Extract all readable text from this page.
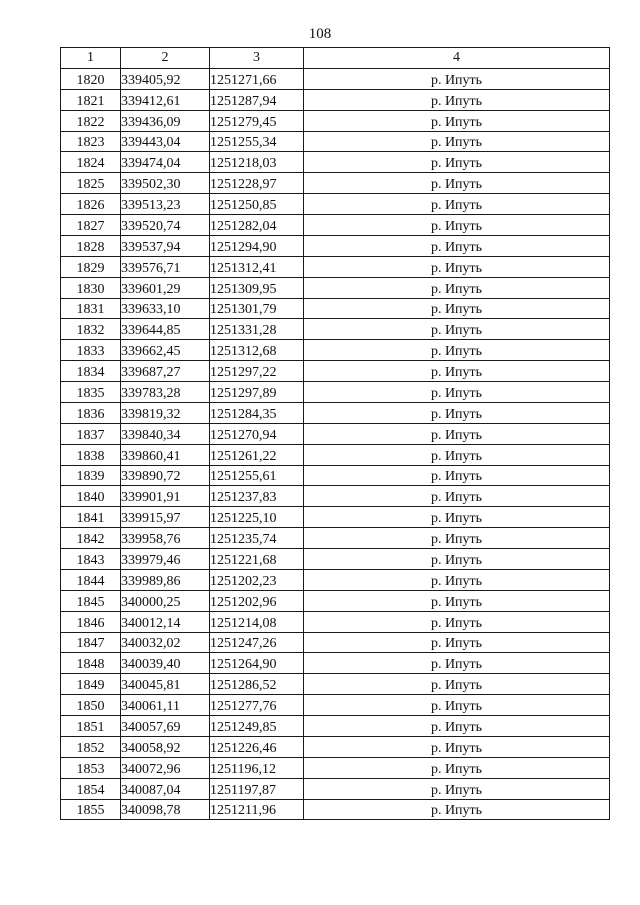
108
1	2	3	4
1820	339405,92	1251271,66	р. Ипуть
1821	339412,61	1251287,94	р. Ипуть
1822	339436,09	1251279,45	р. Ипуть
1823	339443,04	1251255,34	р. Ипуть
1824	339474,04	1251218,03	р. Ипуть
1825	339502,30	1251228,97	р. Ипуть
1826	339513,23	1251250,85	р. Ипуть
1827	339520,74	1251282,04	р. Ипуть
1828	339537,94	1251294,90	р. Ипуть
1829	339576,71	1251312,41	р. Ипуть
1830	339601,29	1251309,95	р. Ипуть
1831	339633,10	1251301,79	р. Ипуть
1832	339644,85	1251331,28	р. Ипуть
1833	339662,45	1251312,68	р. Ипуть
1834	339687,27	1251297,22	р. Ипуть
1835	339783,28	1251297,89	р. Ипуть
1836	339819,32	1251284,35	р. Ипуть
1837	339840,34	1251270,94	р. Ипуть
1838	339860,41	1251261,22	р. Ипуть
1839	339890,72	1251255,61	р. Ипуть
1840	339901,91	1251237,83	р. Ипуть
1841	339915,97	1251225,10	р. Ипуть
1842	339958,76	1251235,74	р. Ипуть
1843	339979,46	1251221,68	р. Ипуть
1844	339989,86	1251202,23	р. Ипуть
1845	340000,25	1251202,96	р. Ипуть
1846	340012,14	1251214,08	р. Ипуть
1847	340032,02	1251247,26	р. Ипуть
1848	340039,40	1251264,90	р. Ипуть
1849	340045,81	1251286,52	р. Ипуть
1850	340061,11	1251277,76	р. Ипуть
1851	340057,69	1251249,85	р. Ипуть
1852	340058,92	1251226,46	р. Ипуть
1853	340072,96	1251196,12	р. Ипуть
1854	340087,04	1251197,87	р. Ипуть
1855	340098,78	1251211,96	р. Ипуть
